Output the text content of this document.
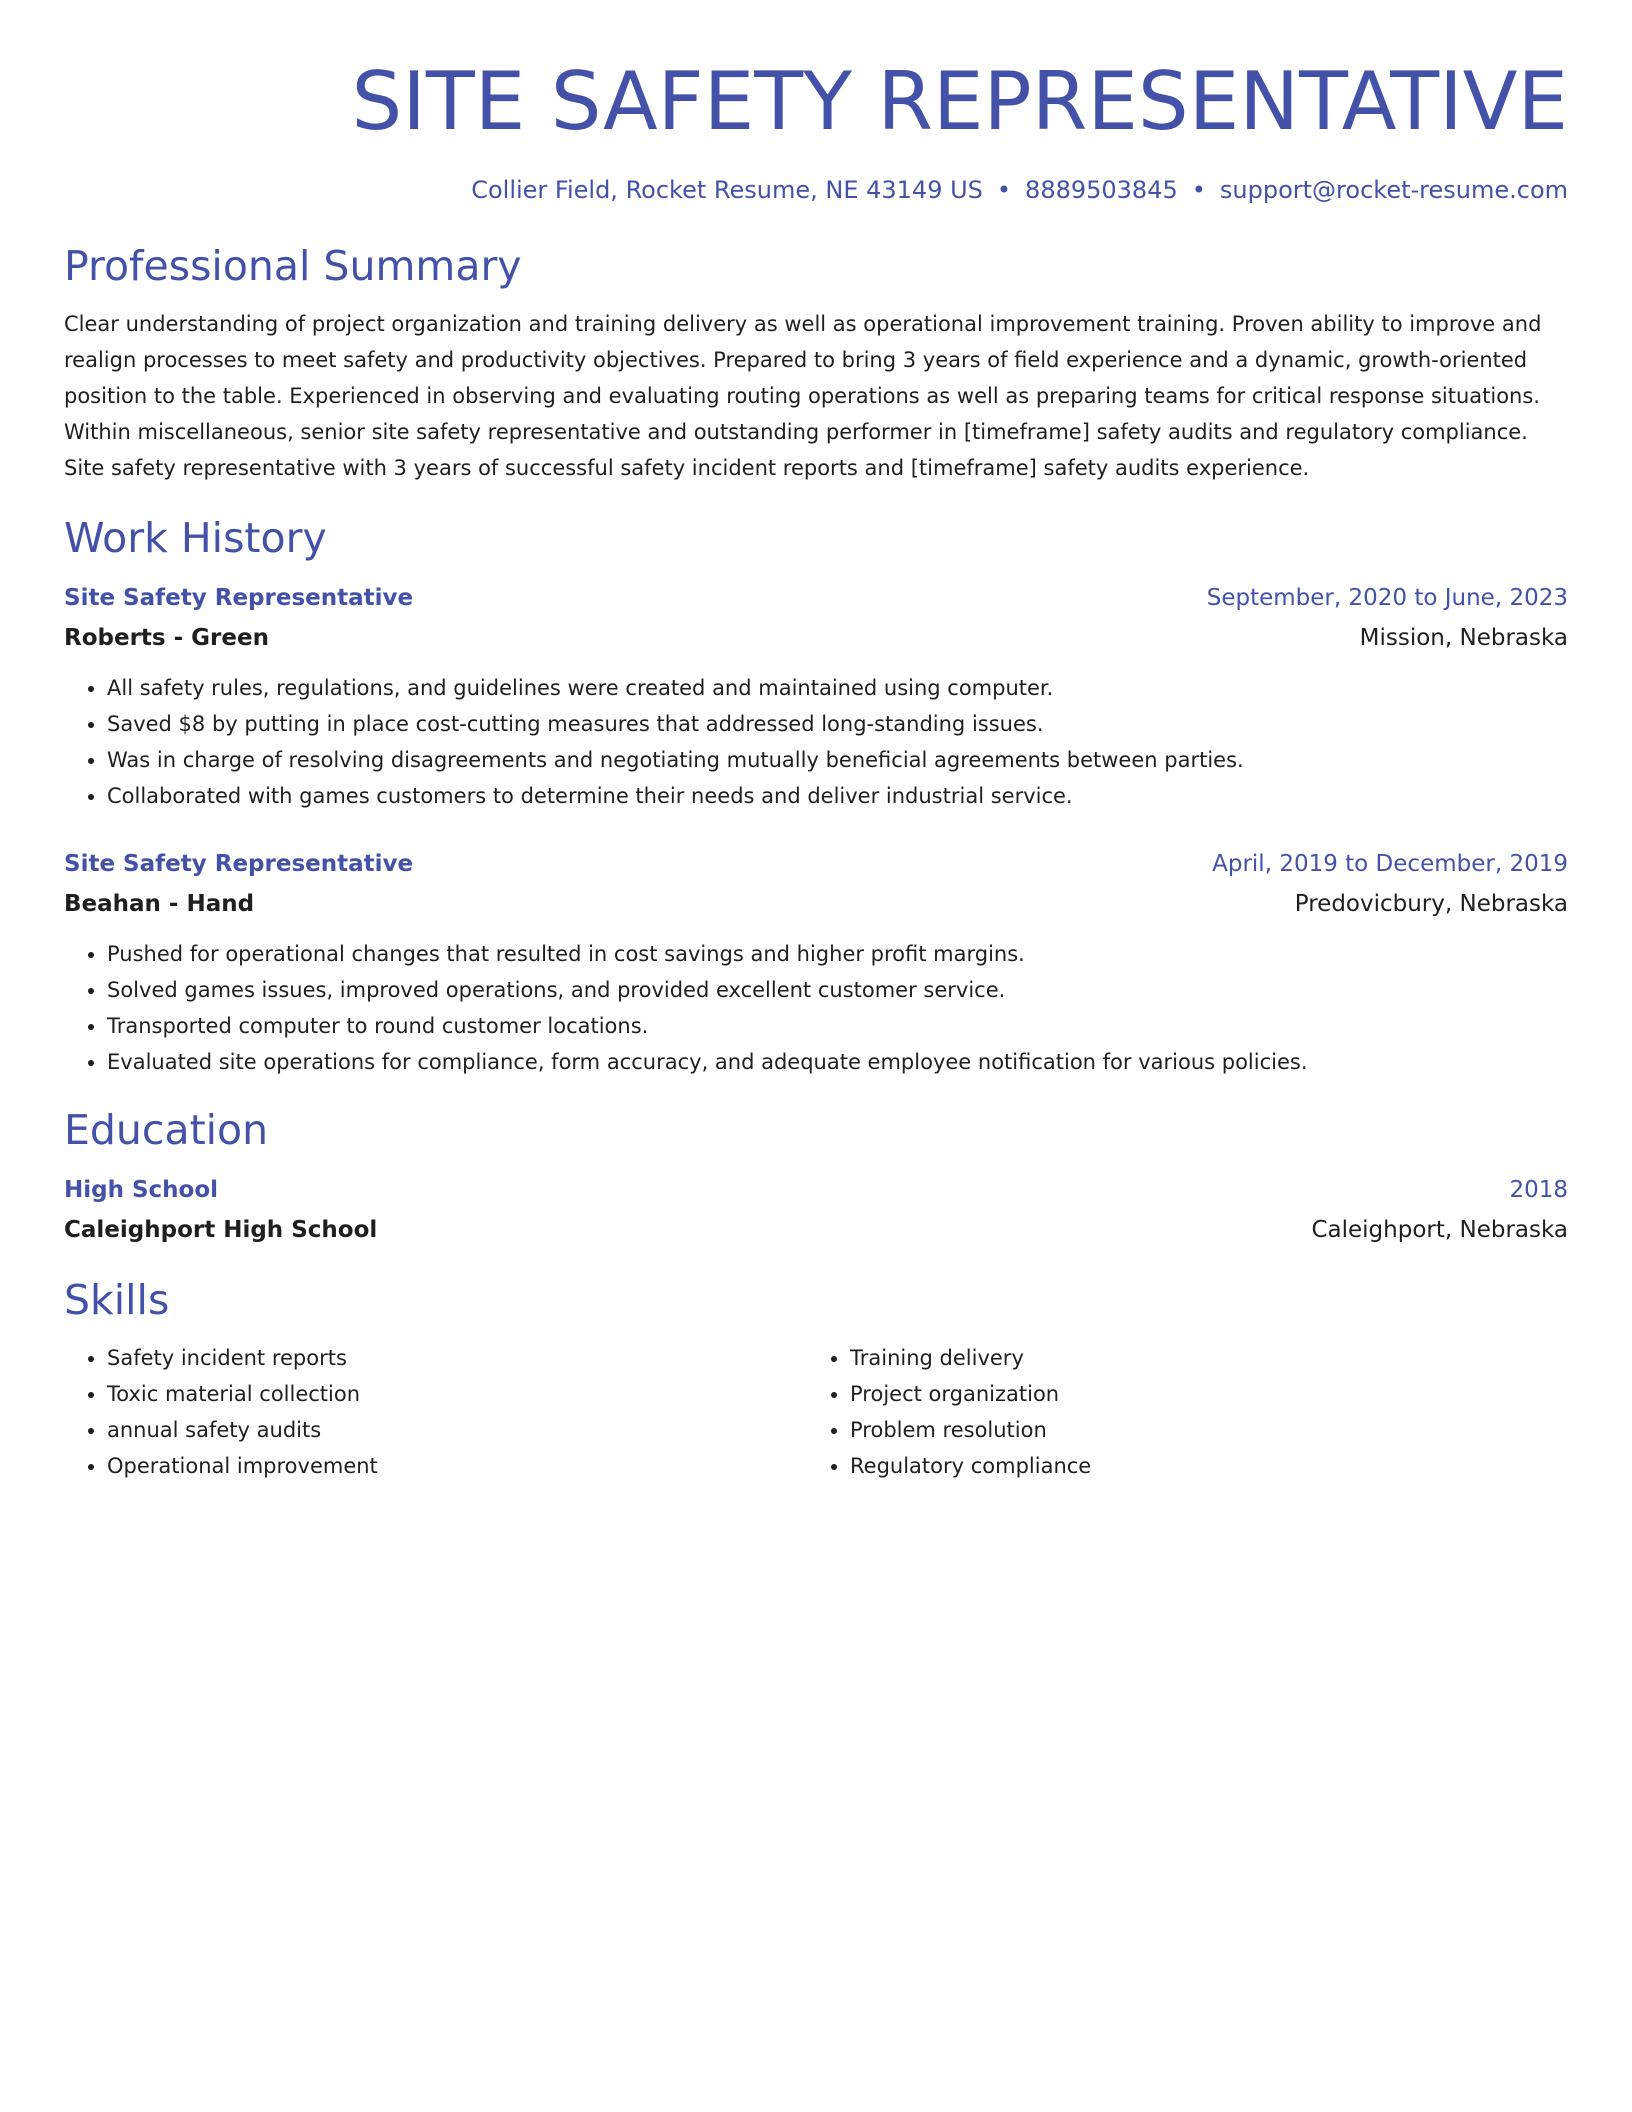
SITE SAFETY REPRESENTATIVE
Collier Field, Rocket Resume, NE 43149 US • 8889503845 • support@rocket-resume.com
Professional Summary
Clear understanding of project organization and training delivery as well as operational improvement training. Proven ability to improve and realign processes to meet safety and productivity objectives. Prepared to bring 3 years of field experience and a dynamic, growth-oriented position to the table. Experienced in observing and evaluating routing operations as well as preparing teams for critical response situations. Within miscellaneous, senior site safety representative and outstanding performer in [timeframe] safety audits and regulatory compliance. Site safety representative with 3 years of successful safety incident reports and [timeframe] safety audits experience.
Work History
Site Safety Representative	September, 2020 to June, 2023
Roberts - Green	Mission, Nebraska
• All safety rules, regulations, and guidelines were created and maintained using computer.
• Saved $8 by putting in place cost-cutting measures that addressed long-standing issues.
• Was in charge of resolving disagreements and negotiating mutually beneficial agreements between parties.
• Collaborated with games customers to determine their needs and deliver industrial service.
Site Safety Representative	April, 2019 to December, 2019
Beahan - Hand	Predovicbury, Nebraska
• Pushed for operational changes that resulted in cost savings and higher profit margins.
• Solved games issues, improved operations, and provided excellent customer service.
• Transported computer to round customer locations.
• Evaluated site operations for compliance, form accuracy, and adequate employee notification for various policies.
Education
High School	2018
Caleighport High School	Caleighport, Nebraska
Skills
• Safety incident reports
• Toxic material collection
• annual safety audits
• Operational improvement
• Training delivery
• Project organization
• Problem resolution
• Regulatory compliance
